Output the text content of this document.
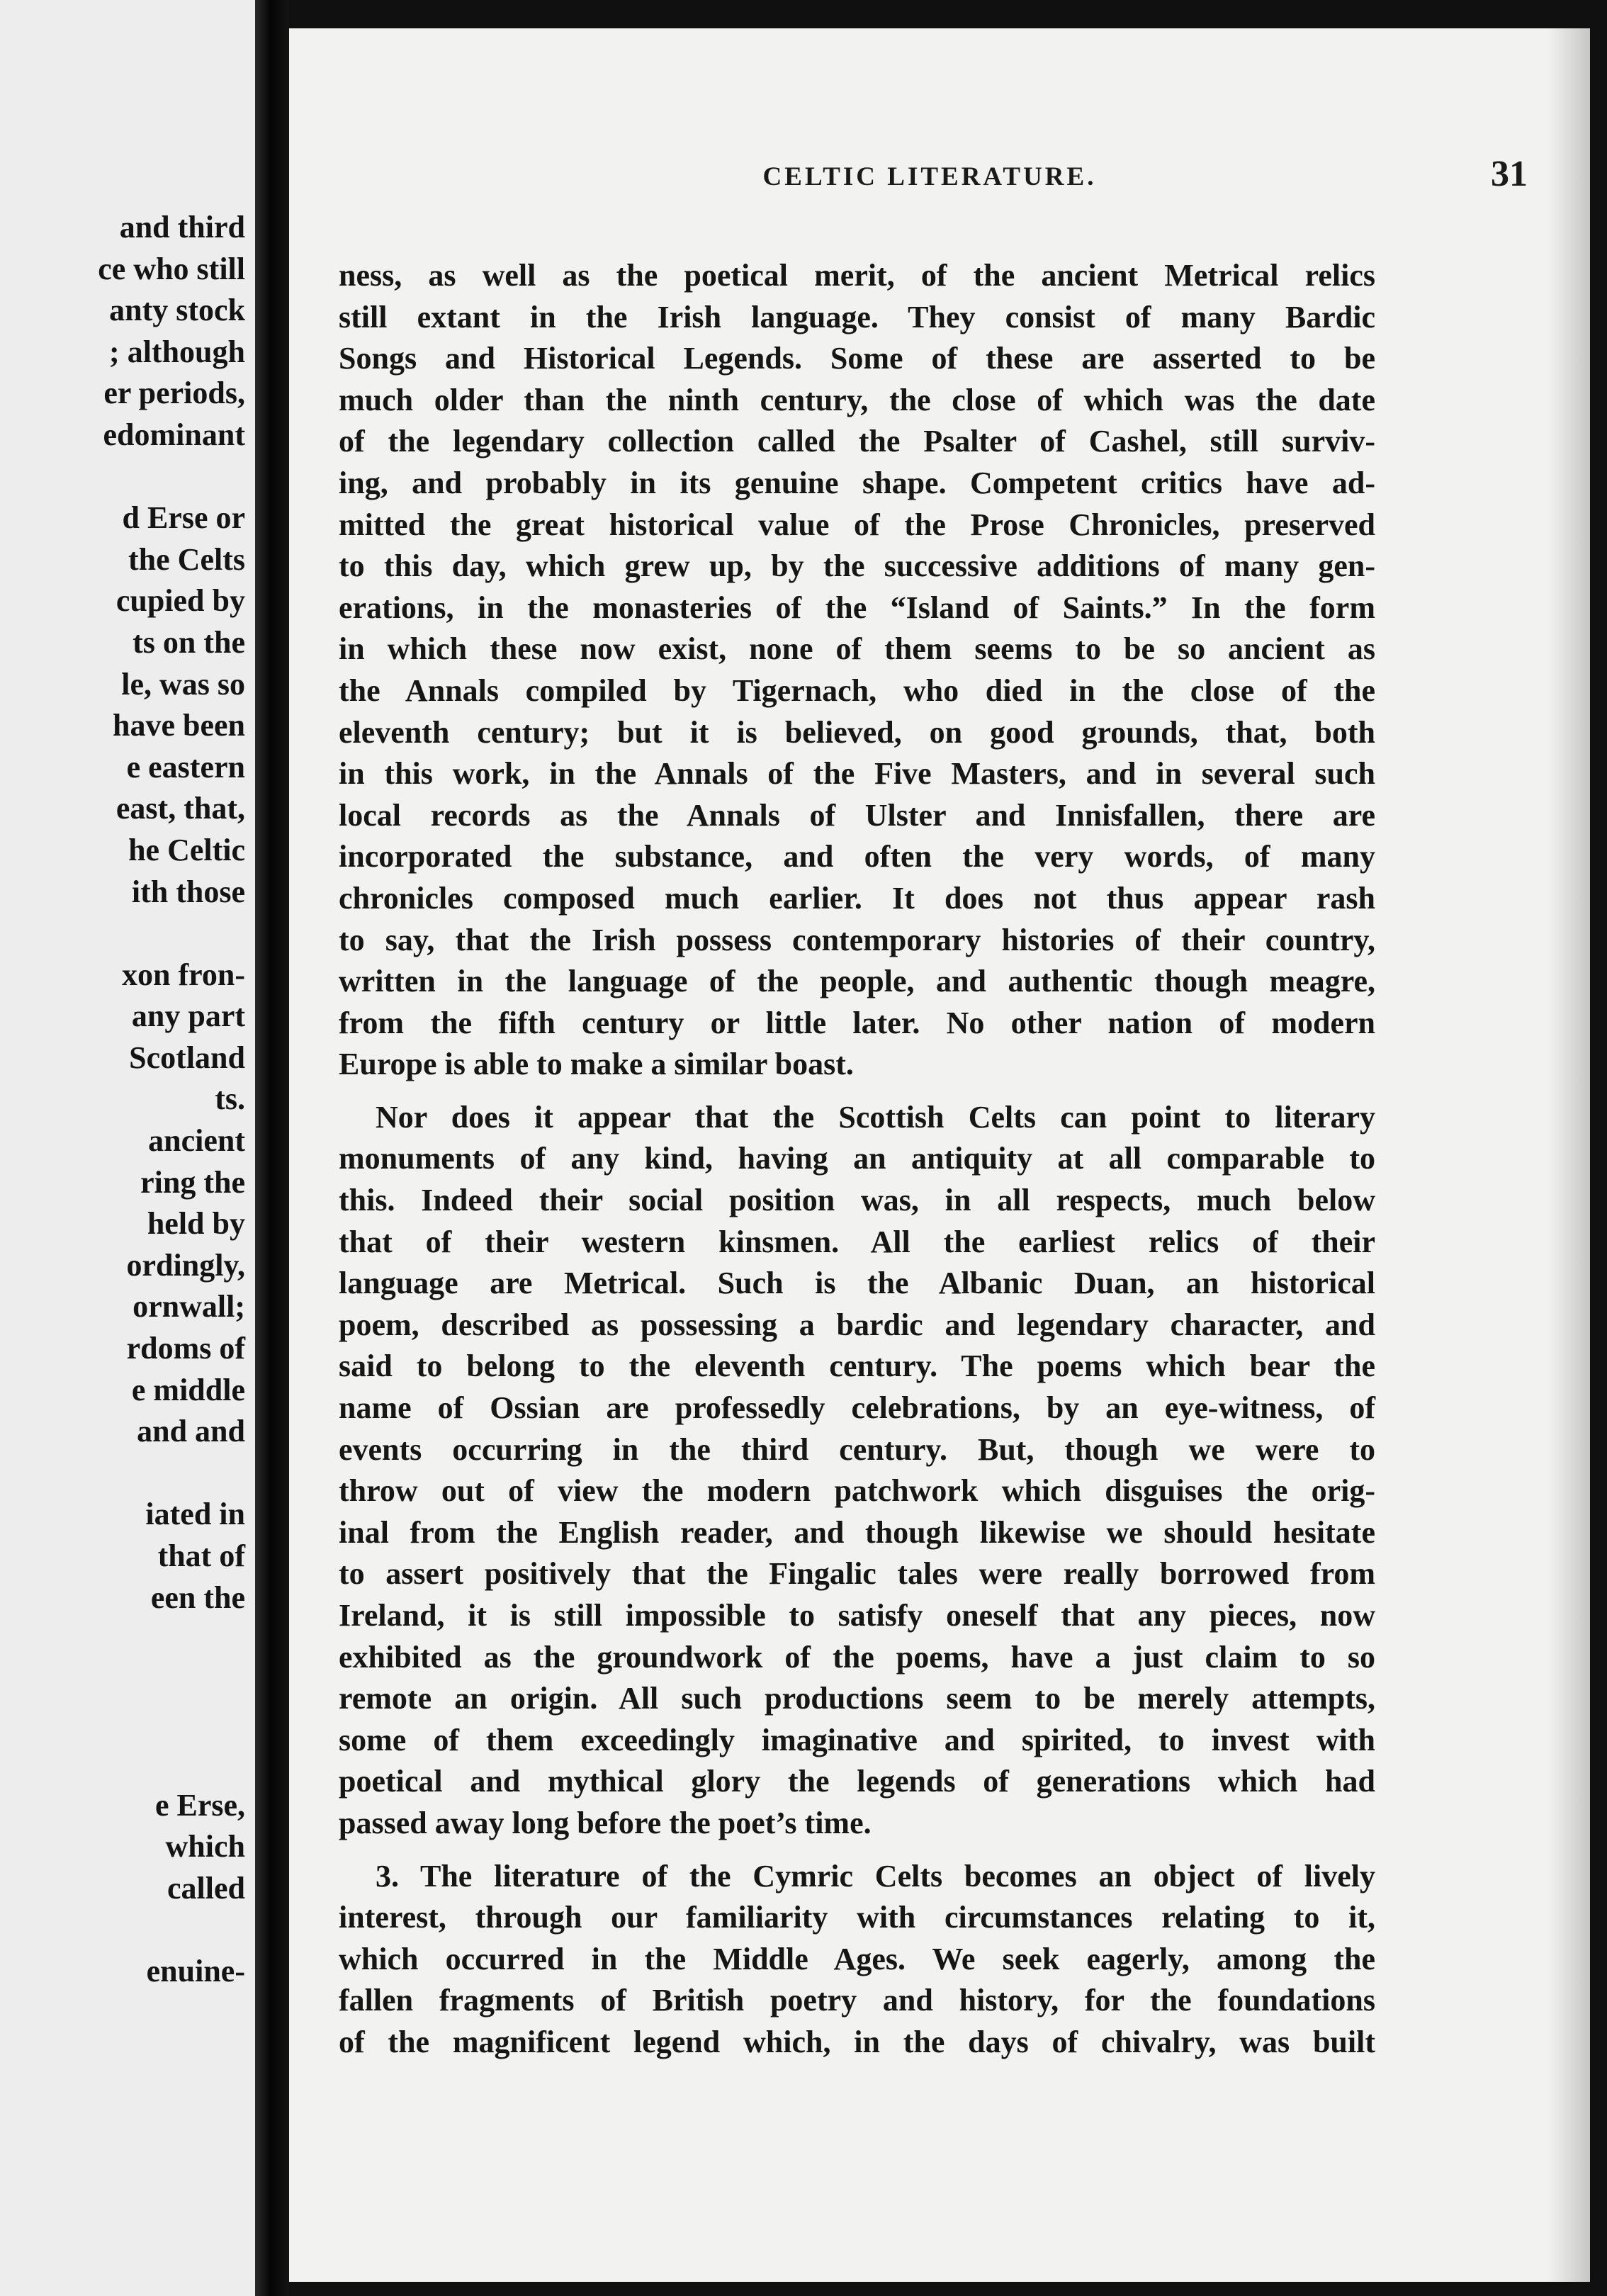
and third
ce who still
anty stock
; although
er periods,
edominant
d Erse or
the Celts
cupied by
ts on the
le, was so
have been
e eastern
east, that,
he Celtic
ith those
xon fron-
any part
Scotland
ts.
ancient
ring the
held by
ordingly,
ornwall;
rdoms of
e middle
and and
iated in
that of
een the
e Erse,
which
called
enuine-
CELTIC LITERATURE.	31
ness, as well as the poetical merit, of the ancient Metrical relics
still extant in the Irish language. They consist of many Bardic
Songs and Historical Legends. Some of these are asserted to be
much older than the ninth century, the close of which was the date
of the legendary collection called the Psalter of Cashel, still surviv-
ing, and probably in its genuine shape. Competent critics have ad-
mitted the great historical value of the Prose Chronicles, preserved
to this day, which grew up, by the successive additions of many gen-
erations, in the monasteries of the “Island of Saints.” In the form
in which these now exist, none of them seems to be so ancient as
the Annals compiled by Tigernach, who died in the close of the
eleventh century; but it is believed, on good grounds, that, both
in this work, in the Annals of the Five Masters, and in several such
local records as the Annals of Ulster and Innisfallen, there are
incorporated the substance, and often the very words, of many
chronicles composed much earlier. It does not thus appear rash
to say, that the Irish possess contemporary histories of their country,
written in the language of the people, and authentic though meagre,
from the fifth century or little later. No other nation of modern
Europe is able to make a similar boast.
Nor does it appear that the Scottish Celts can point to literary
monuments of any kind, having an antiquity at all comparable to
this. Indeed their social position was, in all respects, much below
that of their western kinsmen. All the earliest relics of their
language are Metrical. Such is the Albanic Duan, an historical
poem, described as possessing a bardic and legendary character, and
said to belong to the eleventh century. The poems which bear the
name of Ossian are professedly celebrations, by an eye-witness, of
events occurring in the third century. But, though we were to
throw out of view the modern patchwork which disguises the orig-
inal from the English reader, and though likewise we should hesitate
to assert positively that the Fingalic tales were really borrowed from
Ireland, it is still impossible to satisfy oneself that any pieces, now
exhibited as the groundwork of the poems, have a just claim to so
remote an origin. All such productions seem to be merely attempts,
some of them exceedingly imaginative and spirited, to invest with
poetical and mythical glory the legends of generations which had
passed away long before the poet’s time.
3. The literature of the Cymric Celts becomes an object of lively
interest, through our familiarity with circumstances relating to it,
which occurred in the Middle Ages. We seek eagerly, among the
fallen fragments of British poetry and history, for the foundations
of the magnificent legend which, in the days of chivalry, was built
